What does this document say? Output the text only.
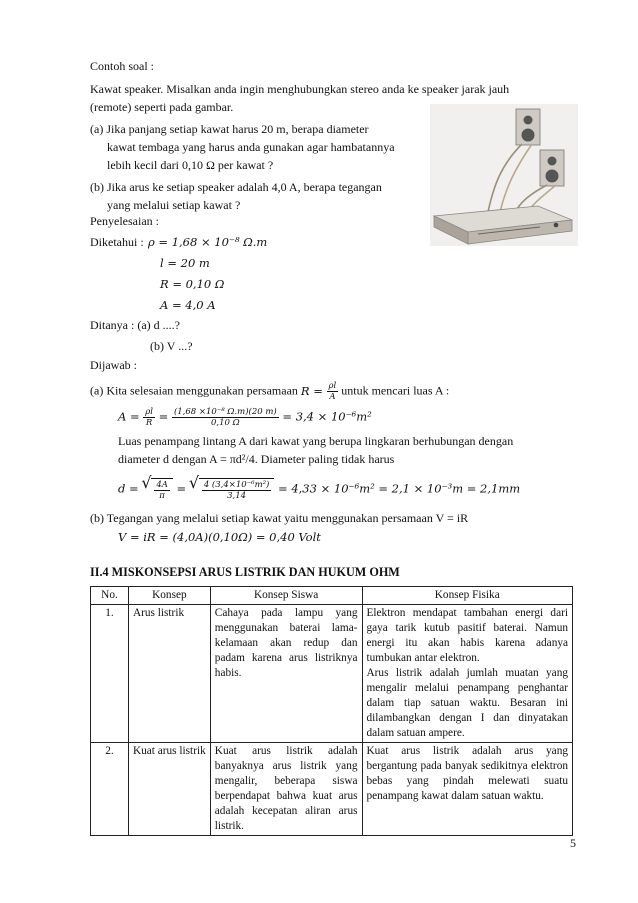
Contoh soal :
Kawat speaker. Misalkan anda ingin menghubungkan stereo anda ke speaker jarak jauh
(remote) seperti pada gambar.
(a) Jika panjang setiap kawat harus 20 m, berapa diameter
kawat tembaga yang harus anda gunakan agar hambatannya
lebih kecil dari 0,10 Ω per kawat ?
(b) Jika arus ke setiap speaker adalah 4,0 A, berapa tegangan
yang melalui setiap kawat ?
Penyelesaian :
Diketahui : ρ = 1,68 × 10⁻⁸ Ω.m
l = 20 m
R = 0,10 Ω
A = 4,0 A
Ditanya : (a) d ....?
(b) V ...?
Dijawab :
(a) Kita selesaian menggunakan persamaan $R = \frac{\rho l}{A}$ untuk mencari luas A :
$A = \frac{\rho l}{R} = \frac{\text{(1,68 ×10⁻⁸ Ω.m)(20 m)}}{0,10 \Omega} = 3,4 \times 10^{-6}m^2$
Luas penampang lintang A dari kawat yang berupa lingkaran berhubungan dengan
diameter d dengan A = πd²/4. Diameter paling tidak harus
d = √ $\frac{4A}{\pi}$ = √ $\frac{\text{4 (3,4×10⁻⁶m²)}}{3,14} = 4,33 \times 10^{-6}m^2 = 2,1 \times 10^{-3}m = 2,1mm$
(b) Tegangan yang melalui setiap kawat yaitu menggunakan persamaan V = iR
V = iR = (4,0A)(0,10Ω) = 0,40 Volt
II.4 MISKONSEPSI ARUS LISTRIK DAN HUKUM OHM
No.	Konsep	Konsep Siswa	Konsep Fisika
1.	Arus listrik	Cahaya pada lampu yang menggunakan baterai lama-kelamaan akan redup dan padam karena arus listriknya habis.	Elektron mendapat tambahan energi dari gaya tarik kutub pasitif baterai. Namun energi itu akan habis karena adanya tumbukan antar elektron.
Arus listrik adalah jumlah muatan yang mengalir melalui penampang penghantar dalam tiap satuan waktu. Besaran ini dilambangkan dengan I dan dinyatakan dalam satuan ampere.

2.	Kuat arus listrik	Kuat arus listrik adalah banyaknya arus listrik yang mengalir, beberapa siswa berpendapat bahwa kuat arus adalah kecepatan aliran arus listrik.	Kuat arus listrik adalah arus yang bergantung pada banyak sedikitnya elektron bebas yang pindah melewati suatu penampang kawat dalam satuan waktu.
5
